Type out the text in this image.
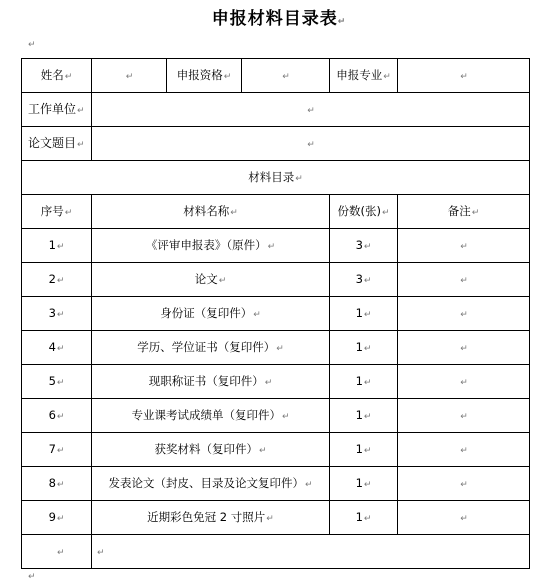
申报材料目录表↵
↵
姓名↵	↵	申报资格↵	↵	申报专业↵	↵
工作单位↵	↵				
论文题目↵	↵				
材料目录↵					
序号↵	材料名称↵			份数(张)↵	备注↵
1↵	《评审申报表》（原件）↵			3↵	↵
2↵	论文↵			3↵	↵
3↵	身份证（复印件）↵			1↵	↵
4↵	学历、学位证书（复印件）↵			1↵	↵
5↵	现职称证书（复印件）↵			1↵	↵
6↵	专业课考试成绩单（复印件）↵			1↵	↵
7↵	获奖材料（复印件）↵			1↵	↵
8↵	发表论文（封皮、目录及论文复印件）↵			1↵	↵
9↵	近期彩色免冠 2 寸照片↵			1↵	↵
↵	↵				
↵
